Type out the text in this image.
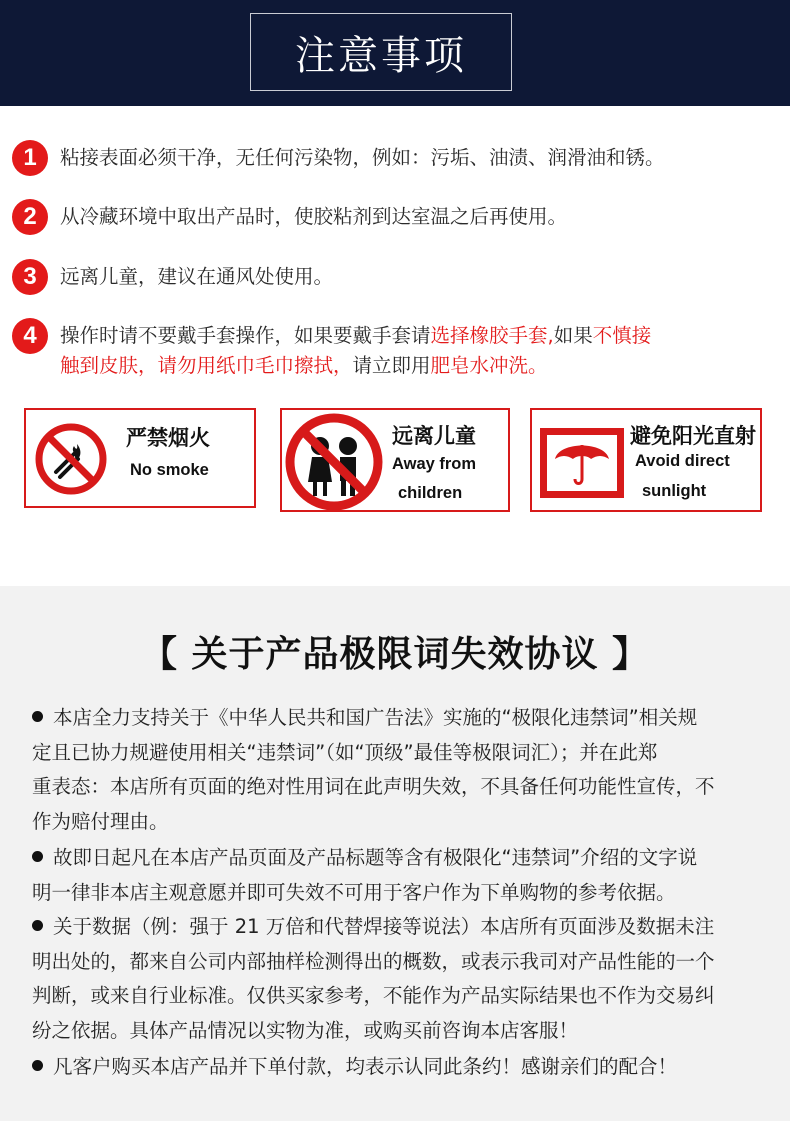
注意事项
1	粘接表面必须干净，无任何污染物，例如：污垢、油渍、润滑油和锈。
2	从冷藏环境中取出产品时，使胶粘剂到达室温之后再使用。
3	远离儿童，建议在通风处使用。
4	操作时请不要戴手套操作，如果要戴手套请选择橡胶手套,如果不慎接
触到皮肤，请勿用纸巾毛巾擦拭，请立即用肥皂水冲洗。
严禁烟火
No smoke
远离儿童
Away from
children
避免阳光直射
Avoid direct
sunlight
【 关于产品极限词失效协议 】
本店全力支持关于《中华人民共和国广告法》实施的“极限化违禁词”相关规
定且已协力规避使用相关“违禁词”（如“顶级”最佳等极限词汇）；并在此郑
重表态：本店所有页面的绝对性用词在此声明失效，不具备任何功能性宣传，不
作为赔付理由。
故即日起凡在本店产品页面及产品标题等含有极限化“违禁词”介绍的文字说
明一律非本店主观意愿并即可失效不可用于客户作为下单购物的参考依据。
关于数据（例：强于 21 万倍和代替焊接等说法）本店所有页面涉及数据未注
明出处的，都来自公司内部抽样检测得出的概数，或表示我司对产品性能的一个
判断，或来自行业标准。仅供买家参考，不能作为产品实际结果也不作为交易纠
纷之依据。具体产品情况以实物为准，或购买前咨询本店客服！
凡客户购买本店产品并下单付款，均表示认同此条约！感谢亲们的配合！
